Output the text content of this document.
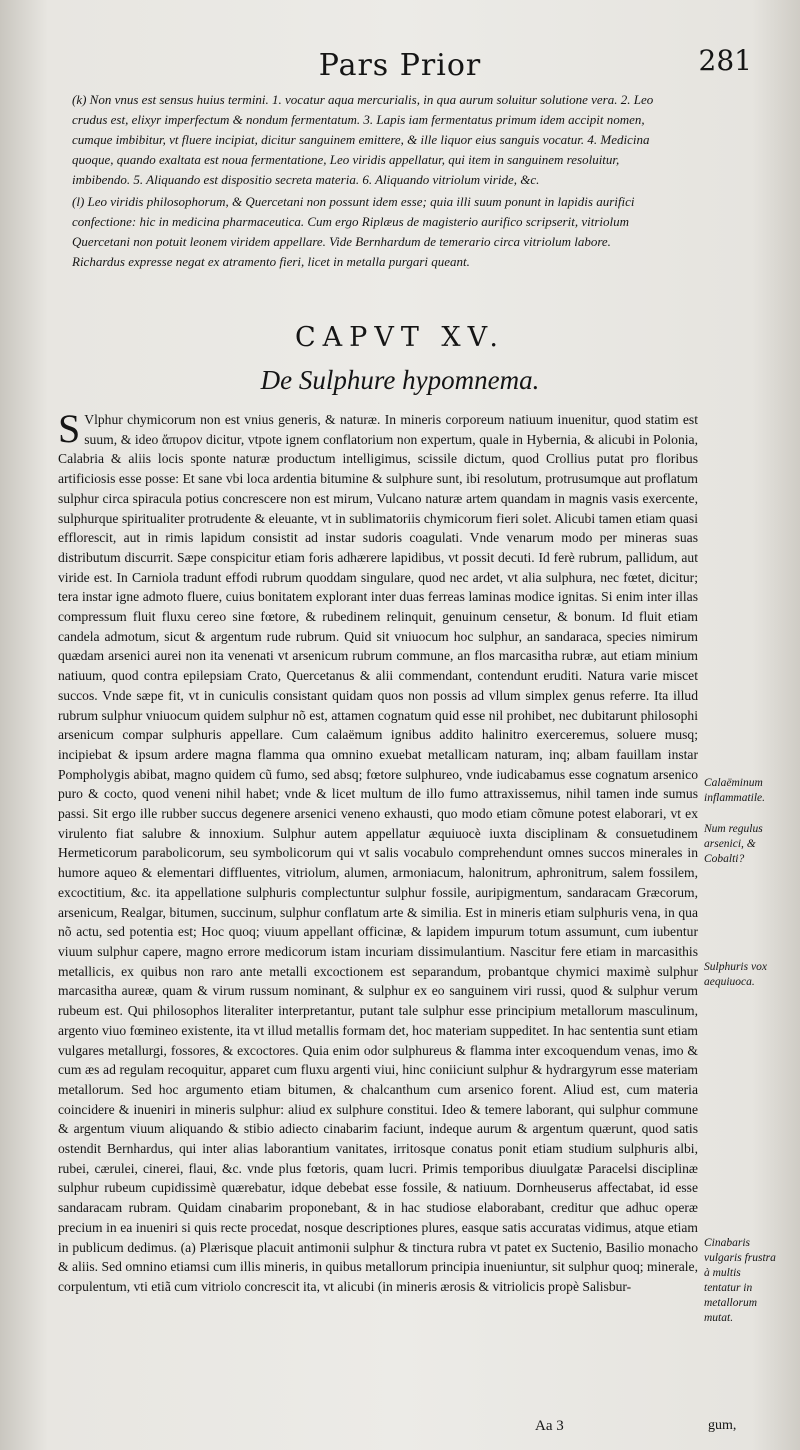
Pars Prior	281

(k) Non vnus est sensus huius termini. 1. vocatur aqua mercurialis, in qua aurum soluitur solutione vera. 2. Leo crudus est, elixyr imperfectum & nondum fermentatum. 3. Lapis iam fermentatus primum idem accipit nomen, cumque imbibitur, vt fluere incipiat, dicitur sanguinem emittere, & ille liquor eius sanguis vocatur. 4. Medicina quoque, quando exaltata est noua fermentatione, Leo viridis appellatur, qui item in sanguinem resoluitur, imbibendo. 5. Aliquando est dispositio secreta materia. 6. Aliquando vitriolum viride, &c.

(l) Leo viridis philosophorum, & Quercetani non possunt idem esse; quia illi suum ponunt in lapidis aurifici confectione: hic in medicina pharmaceutica. Cum ergo Riplæus de magisterio aurifico scripserit, vitriolum Quercetani non potuit leonem viridem appellare. Vide Bernhardum de temerario circa vitriolum labore. Richardus expresse negat ex atramento fieri, licet in metalla purgari queant.

CAPVT XV.
De Sulphure hypomnema.
S Vlphur chymicorum non est vnius generis, & naturæ. In mineris corporeum natiuum inuenitur, quod statim est suum, & ideo ἄπυρον dicitur, vtpote ignem conflatorium non expertum, quale in Hybernia, & alicubi in Polonia, Calabria & aliis locis sponte naturæ productum intelligimus, scissile dictum, quod Crollius putat pro floribus artificiosis esse posse: Et sane vbi loca ardentia bitumine & sulphure sunt, ibi resolutum, protrusumque aut proflatum sulphur circa spiracula potius concrescere non est mirum, Vulcano naturæ artem quandam in magnis vasis exercente, sulphurque spiritualiter protrudente & eleuante, vt in sublimatoriis chymicorum fieri solet. Alicubi tamen etiam quasi efflorescit, aut in rimis lapidum consistit ad instar sudoris coagulati. Vnde venarum modo per mineras suas distributum discurrit. Sæpe conspicitur etiam foris adhærere lapidibus, vt possit decuti. Id ferè rubrum, pallidum, aut viride est. In Carniola tradunt effodi rubrum quoddam singulare, quod nec ardet, vt alia sulphura, nec fœtet, dicitur; tera instar igne admoto fluere, cuius bonitatem explorant inter duas ferreas laminas modice ignitas. Si enim inter illas compressum fluit fluxu cereo sine fœtore, & rubedinem relinquit, genuinum censetur, & bonum. Id fluit etiam candela admotum, sicut & argentum rude rubrum. Quid sit vniuocum hoc sulphur, an sandaraca, species nimirum quædam arsenici aurei non ita venenati vt arsenicum rubrum commune, an flos marcasitha rubræ, aut etiam minium natiuum, quod contra epilepsiam Crato, Quercetanus & alii commendant, contendunt eruditi. Natura varie miscet succos. Vnde sæpe fit, vt in cuniculis consistant quidam quos non possis ad vllum simplex genus referre. Ita illud rubrum sulphur vniuocum quidem sulphur nõ est, attamen cognatum quid esse nil prohibet, nec dubitarunt philosophi arsenicum compar sulphuris appellare. Cum calaëmum ignibus addito halinitro exerceremus, soluere musq; incipiebat & ipsum ardere magna flamma qua omnino exuebat metallicam naturam, inq; albam fauillam instar Pompholygis abibat, magno quidem cũ fumo, sed absq; fœtore sulphureo, vnde iudicabamus esse cognatum arsenico puro & cocto, quod veneni nihil habet; vnde & licet multum de illo fumo attraxissemus, nihil tamen inde sumus passi. Sit ergo ille rubber succus degenere arsenici veneno exhausti, quo modo etiam cõmune potest elaborari, vt ex virulento fiat salubre & innoxium. Sulphur autem appellatur æquiuocè iuxta disciplinam & consuetudinem Hermeticorum parabolicorum, seu symbolicorum qui vt salis vocabulo comprehendunt omnes succos minerales in humore aqueo & elementari diffluentes, vitriolum, alumen, armoniacum, halonitrum, aphronitrum, salem fossilem, excoctitium, &c. ita appellatione sulphuris complectuntur sulphur fossile, auripigmentum, sandaracam Græcorum, arsenicum, Realgar, bitumen, succinum, sulphur conflatum arte & similia. Est in mineris etiam sulphuris vena, in qua nõ actu, sed potentia est; Hoc quoq; viuum appellant officinæ, & lapidem impurum totum assumunt, cum iubentur viuum sulphur capere, magno errore medicorum istam incuriam dissimulantium. Nascitur fere etiam in marcasithis metallicis, ex quibus non raro ante metalli excoctionem est separandum, probantque chymici maximè sulphur marcasitha aureæ, quam & virum russum nominant, & sulphur ex eo sanguinem viri russi, quod & sulphur verum rubeum est. Qui philosophos literaliter interpretantur, putant tale sulphur esse principium metallorum masculinum, argento viuo fœmineo existente, ita vt illud metallis formam det, hoc materiam suppeditet. In hac sententia sunt etiam vulgares metallurgi, fossores, & excoctores. Quia enim odor sulphureus & flamma inter excoquendum venas, imo & cum æs ad regulam recoquitur, apparet cum fluxu argenti viui, hinc coniiciunt sulphur & hydrargyrum esse materiam metallorum. Sed hoc argumento etiam bitumen, & chalcanthum cum arsenico forent. Aliud est, cum materia coincidere & inueniri in mineris sulphur: aliud ex sulphure constitui. Ideo & temere laborant, qui sulphur commune & argentum viuum aliquando & stibio adiecto cinabarim faciunt, indeque aurum & argentum quærunt, quod satis ostendit Bernhardus, qui inter alias laborantium vanitates, irritosque conatus ponit etiam studium sulphuris albi, rubei, cærulei, cinerei, flaui, &c. vnde plus fœtoris, quam lucri. Primis temporibus diuulgatæ Paracelsi disciplinæ sulphur rubeum cupidissimè quærebatur, idque debebat esse fossile, & natiuum. Dornheuserus affectabat, id esse sandaracam rubram. Quidam cinabarim proponebant, & in hac studiose elaborabant, creditur que adhuc operæ precium in ea inueniri si quis recte procedat, nosque descriptiones plures, easque satis accuratas vidimus, atque etiam in publicum dedimus. (a) Plærisque placuit antimonii sulphur & tinctura rubra vt patet ex Suctenio, Basilio monacho & aliis. Sed omnino etiamsi cum illis mineris, in quibus metallorum principia inueniuntur, sit sulphur quoq; minerale, corpulentum, vti etiã cum vitriolo concrescit ita, vt alicubi (in mineris ærosis & vitriolicis propè Salisbur-

Calaëminum inflammatile.
Num regulus arsenici, & Cobalti?
Sulphuris vox aequiuoca.
Cinabaris vulgaris frustra à multis tentatur in metallorum mutat.
Aa 3	gum,
